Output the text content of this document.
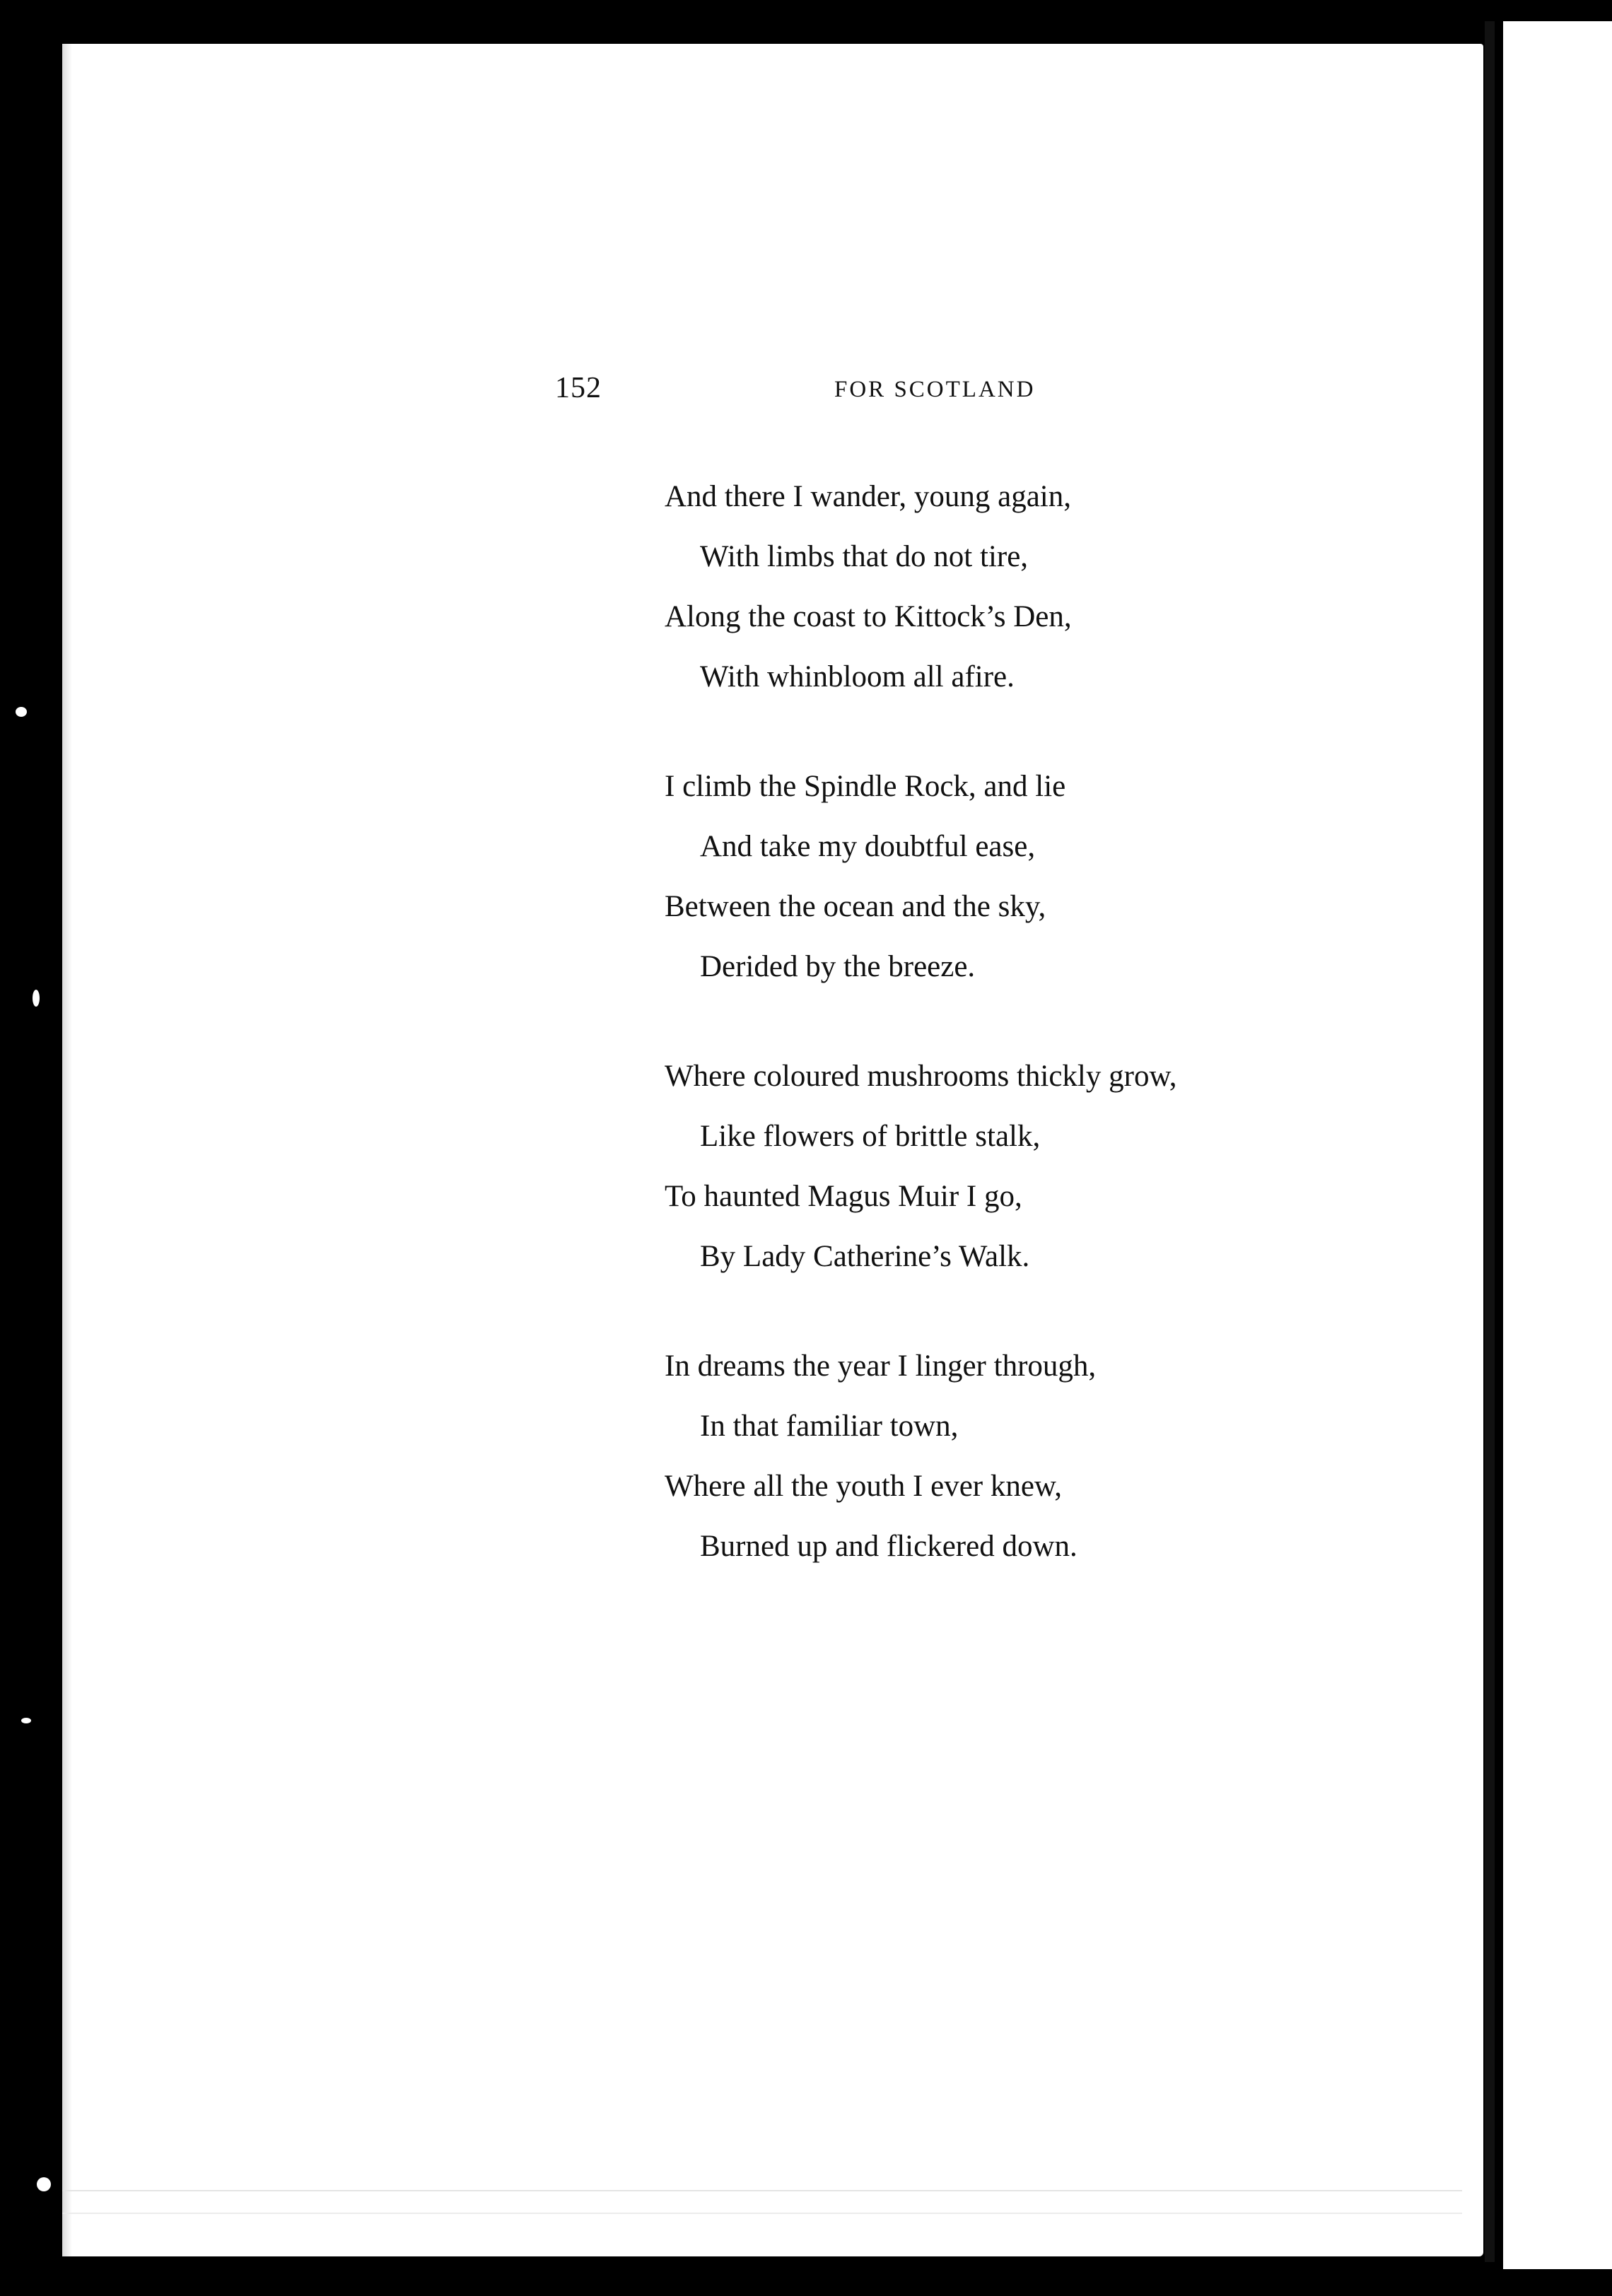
152	FOR SCOTLAND
And there I wander, young again,
With limbs that do not tire,
Along the coast to Kittock’s Den,
With whinbloom all afire.
I climb the Spindle Rock, and lie
And take my doubtful ease,
Between the ocean and the sky,
Derided by the breeze.
Where coloured mushrooms thickly grow,
Like flowers of brittle stalk,
To haunted Magus Muir I go,
By Lady Catherine’s Walk.
In dreams the year I linger through,
In that familiar town,
Where all the youth I ever knew,
Burned up and flickered down.
